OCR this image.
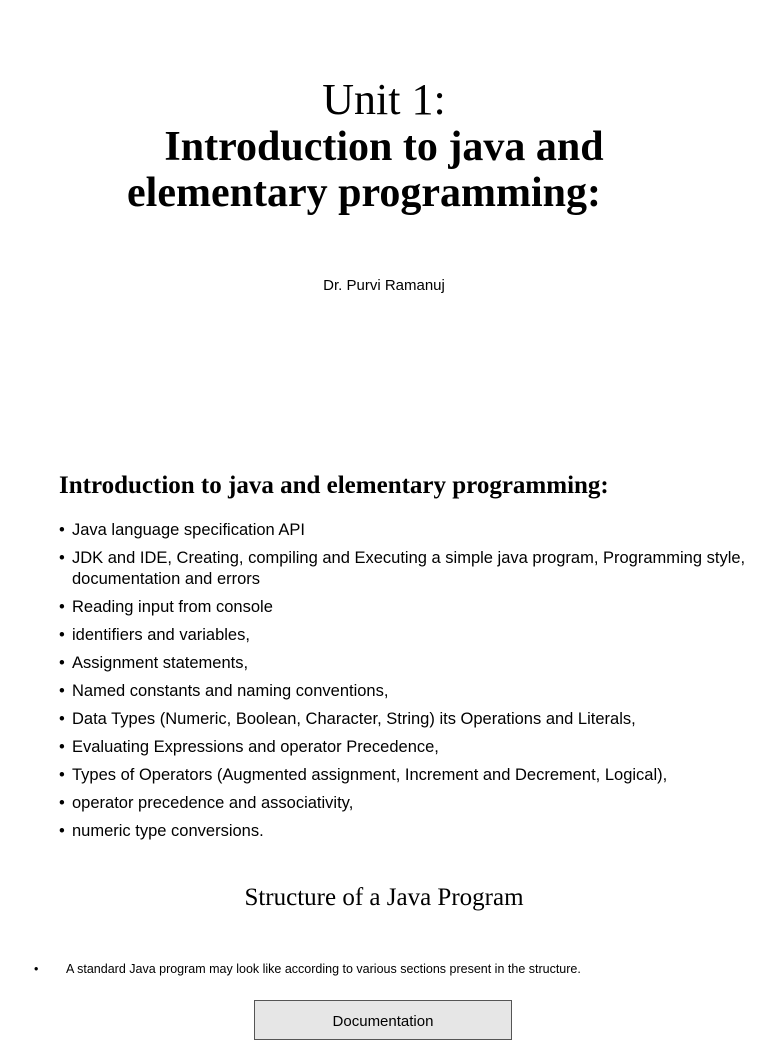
Unit 1:
Introduction to java and
elementary programming:
Dr. Purvi Ramanuj
Introduction to java and elementary programming:
• Java language specification API
• JDK and IDE, Creating, compiling and Executing a simple java program, Programming style, documentation and errors
• Reading input from console
• identifiers and variables,
• Assignment statements,
• Named constants and naming conventions,
• Data Types (Numeric, Boolean, Character, String) its Operations and Literals,
• Evaluating Expressions and operator Precedence,
• Types of Operators (Augmented assignment, Increment and Decrement, Logical),
• operator precedence and associativity,
• numeric type conversions.
Structure of a Java Program
• A standard Java program may look like according to various sections present in the structure.
Documentation
